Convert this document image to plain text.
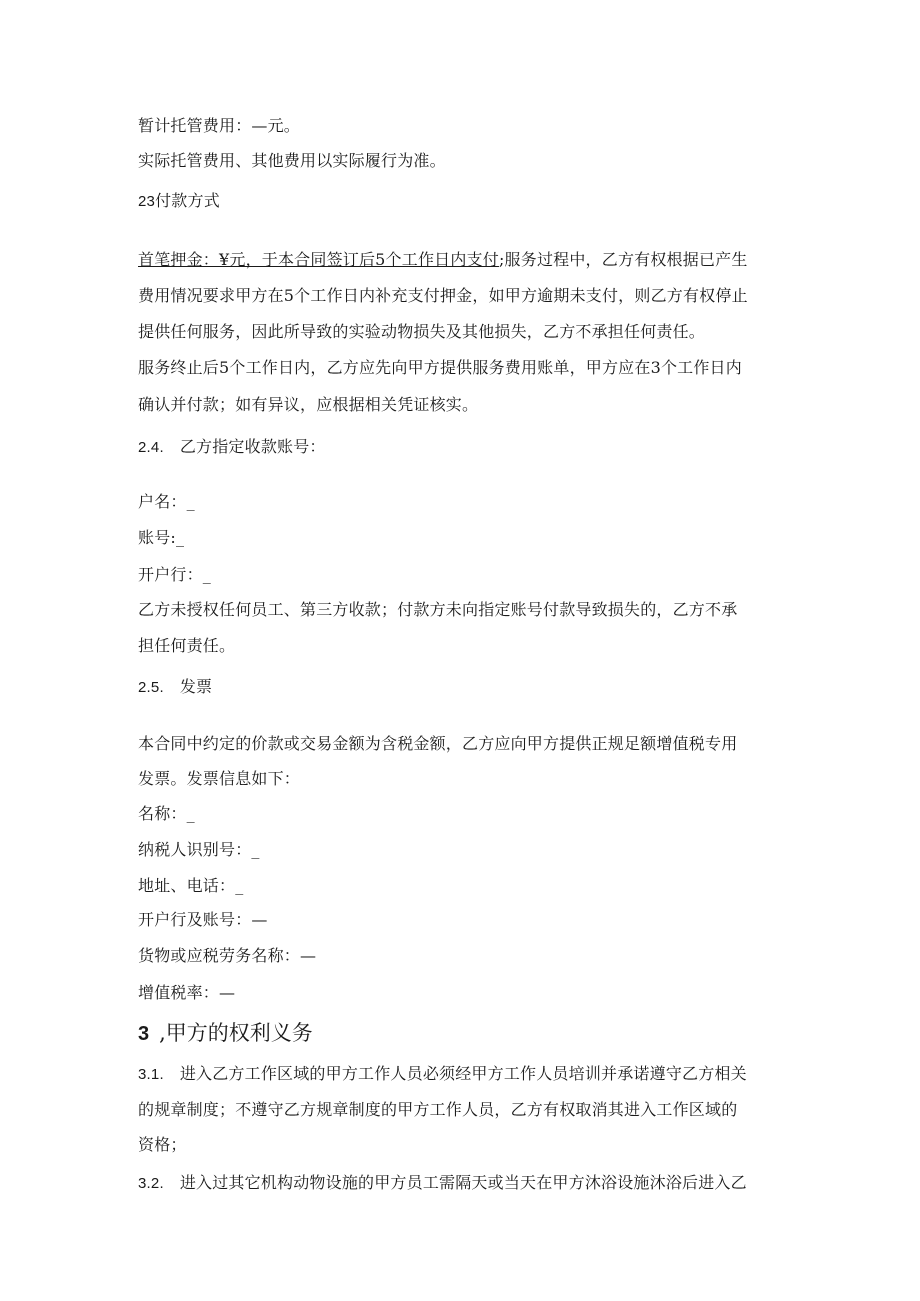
暂计托管费用：—元。
实际托管费用、其他费用以实际履行为准。
23付款方式
首笔押金：¥元，于本合同签订后5个工作日内支付;服务过程中，乙方有权根据已产生
费用情况要求甲方在5个工作日内补充支付押金，如甲方逾期未支付，则乙方有权停止
提供任何服务，因此所导致的实验动物损失及其他损失，乙方不承担任何责任。
服务终止后5个工作日内，乙方应先向甲方提供服务费用账单，甲方应在3个工作日内
确认并付款；如有异议，应根据相关凭证核实。
2.4. 乙方指定收款账号：
户名：_
账号:_
开户行：_
乙方未授权任何员工、第三方收款；付款方未向指定账号付款导致损失的，乙方不承
担任何责任。
2.5. 发票
本合同中约定的价款或交易金额为含税金额，乙方应向甲方提供正规足额增值税专用
发票。发票信息如下：
名称：_
纳税人识别号：_
地址、电话：_
开户行及账号：—
货物或应税劳务名称：—
增值税率：—
3 ,甲方的权利义务
3.1. 进入乙方工作区域的甲方工作人员必须经甲方工作人员培训并承诺遵守乙方相关
的规章制度；不遵守乙方规章制度的甲方工作人员，乙方有权取消其进入工作区域的
资格；
3.2. 进入过其它机构动物设施的甲方员工需隔天或当天在甲方沐浴设施沐浴后进入乙
